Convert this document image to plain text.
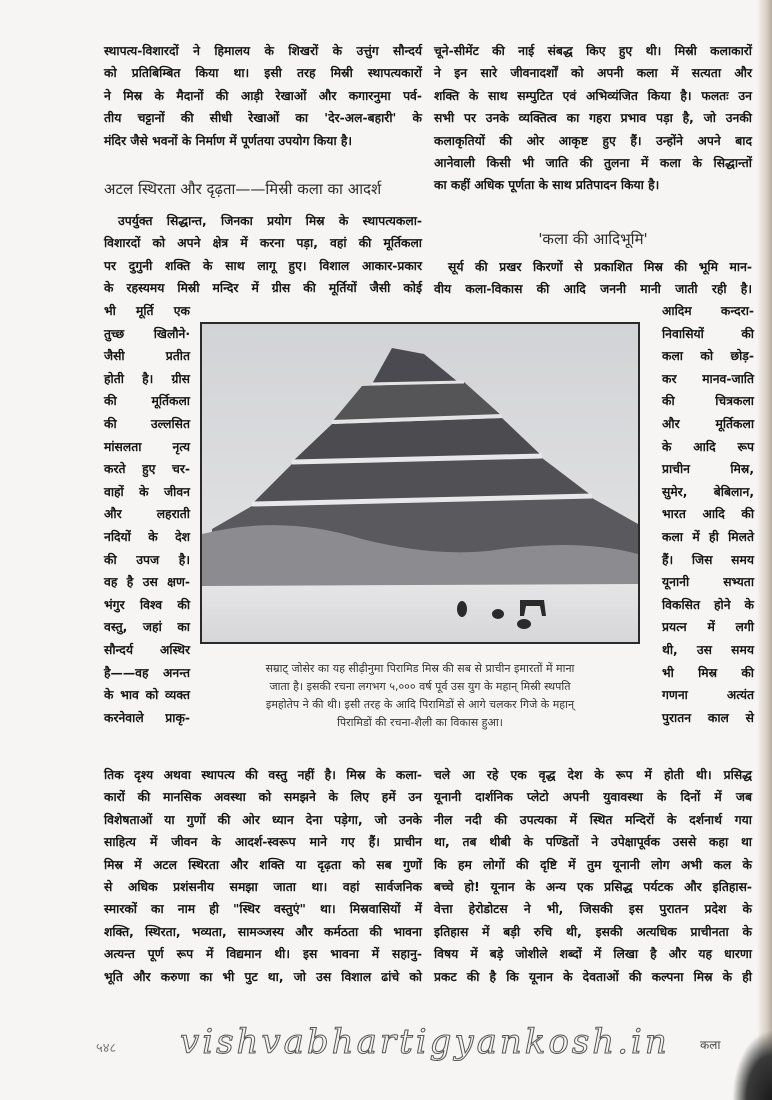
स्थापत्य-विशारदों ने हिमालय के शिखरों के उत्तुंग सौन्दर्य
को प्रतिबिम्बित किया था। इसी तरह मिस्री स्थापत्यकारों
ने मिस्र के मैदानों की आड़ी रेखाओं और कगारनुमा पर्व-
तीय चट्टानों की सीधी रेखाओं का 'देर-अल-बहारी' के
मंदिर जैसे भवनों के निर्माण में पूर्णतया उपयोग किया है।
अटल स्थिरता और दृढ़ता——मिस्री कला का आदर्श
उपर्युक्त सिद्धान्त, जिनका प्रयोग मिस्र के स्थापत्यकला-
विशारदों को अपने क्षेत्र में करना पड़ा, वहां की मूर्तिकला
पर दुगुनी शक्ति के साथ लागू हुए। विशाल आकार-प्रकार
के रहस्यमय मिस्री मन्दिर में ग्रीस की मूर्तियों जैसी कोई
भी मूर्ति एक
तुच्छ खिलौने·
जैसी प्रतीत
होती है। ग्रीस
की मूर्तिकला
की उल्लसित
मांसलता नृत्य
करते हुए चर-
वाहों के जीवन
और लहराती
नदियों के देश
की उपज है।
वह है उस क्षण-
भंगुर विश्व की
वस्तु, जहां का
सौन्दर्य अस्थिर
है——वह अनन्त
के भाव को व्यक्त
करनेवाले प्राकृ-
तिक दृश्य अथवा स्थापत्य की वस्तु नहीं है। मिस्र के कला-
कारों की मानसिक अवस्था को समझने के लिए हमें उन
विशेषताओं या गुणों की ओर ध्यान देना पड़ेगा, जो उनके
साहित्य में जीवन के आदर्श-स्वरूप माने गए हैं। प्राचीन
मिस्र में अटल स्थिरता और शक्ति या दृढ़ता को सब गुणों
से अधिक प्रशंसनीय समझा जाता था। वहां सार्वजनिक
स्मारकों का नाम ही "स्थिर वस्तुएं" था। मिस्रवासियों में
शक्ति, स्थिरता, भव्यता, सामञ्जस्य और कर्मठता की भावना
अत्यन्त पूर्ण रूप में विद्यमान थी। इस भावना में सहानु-
भूति और करुणा का भी पुट था, जो उस विशाल ढांचे को
चूने-सीमेंट की नाई संबद्ध किए हुए थी। मिस्री कलाकारों
ने इन सारे जीवनादर्शों को अपनी कला में सत्यता और
शक्ति के साथ सम्पुटित एवं अभिव्यंजित किया है। फलतः उन
सभी पर उनके व्यक्तित्व का गहरा प्रभाव पड़ा है, जो उनकी
कलाकृतियों की ओर आकृष्ट हुए हैं। उन्होंने अपने बाद
आनेवाली किसी भी जाति की तुलना में कला के सिद्धान्तों
का कहीं अधिक पूर्णता के साथ प्रतिपादन किया है।
'कला की आदिभूमि'
सूर्य की प्रखर किरणों से प्रकाशित मिस्र की भूमि मान-
वीय कला-विकास की आदि जननी मानी जाती रही है।
आदिम कन्दरा-
निवासियों की
कला को छोड़-
कर मानव-जाति
की चित्रकला
और मूर्तिकला
के आदि रूप
प्राचीन मिस्र,
सुमेर, बेबिलान,
भारत आदि की
कला में ही मिलते
हैं। जिस समय
यूनानी सभ्यता
विकसित होने के
प्रयत्न में लगी
थी, उस समय
भी मिस्र की
गणना अत्यंत
पुरातन काल से
चले आ रहे एक वृद्ध देश के रूप में होती थी। प्रसिद्ध
यूनानी दार्शनिक प्लेटो अपनी युवावस्था के दिनों में जब
नील नदी की उपत्यका में स्थित मन्दिरों के दर्शनार्थ गया
था, तब थीबी के पण्डितों ने उपेक्षापूर्वक उससे कहा था
कि हम लोगों की दृष्टि में तुम यूनानी लोग अभी कल के
बच्चे हो! यूनान के अन्य एक प्रसिद्ध पर्यटक और इतिहास-
वेत्ता हेरोडोटस ने भी, जिसकी इस पुरातन प्रदेश के
इतिहास में बड़ी रुचि थी, इसकी अत्यधिक प्राचीनता के
विषय में बड़े जोशीले शब्दों में लिखा है और यह धारणा
प्रकट की है कि यूनान के देवताओं की कल्पना मिस्र के ही
सम्राट् जोसेर का यह सीढ़ीनुमा पिरामिड मिस्र की सब से प्राचीन इमारतों में माना
जाता है। इसकी रचना लगभग ५,००० वर्ष पूर्व उस युग के महान् मिस्री स्थपति
इमहोतेप ने की थी। इसी तरह के आदि पिरामिडों से आगे चलकर गिजे के महान्
पिरामिडों की रचना-शैली का विकास हुआ।
५४८ vishvabhartigyankosh.in	कला
